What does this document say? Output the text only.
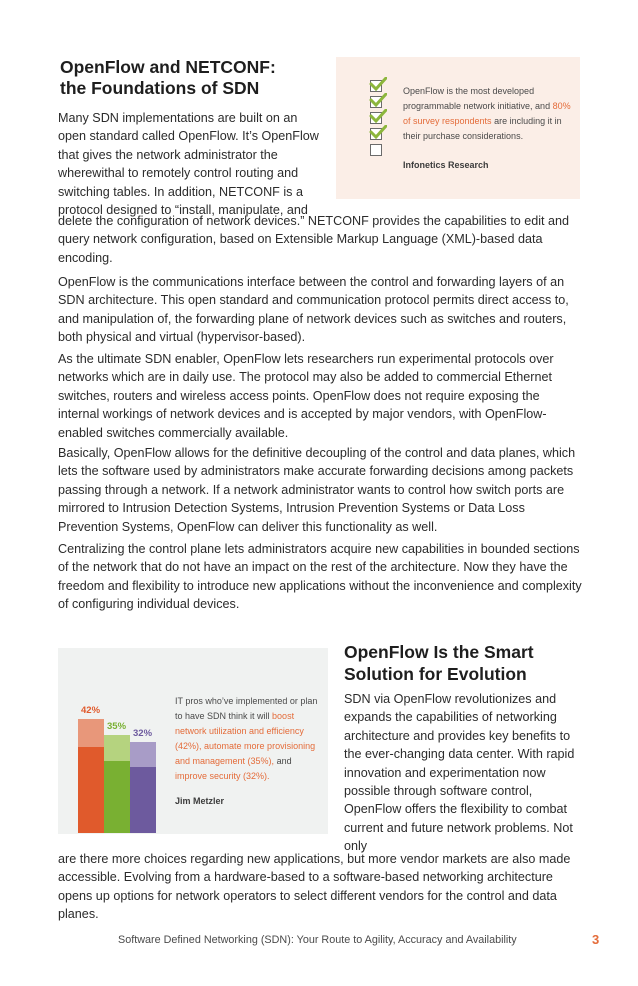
OpenFlow and NETCONF:
the Foundations of SDN	OpenFlow is the most developed programmable network initiative, and 80% of survey respondents are including it in their purchase considerations.

Infonetics Research

Many SDN implementations are built on an open standard called OpenFlow. It’s OpenFlow that gives the network administrator the wherewithal to remotely control routing and switching tables. In addition, NETCONF is a protocol designed to “install, manipulate, and

delete the configuration of network devices.” NETCONF provides the capabilities to edit and query network configuration, based on Extensible Markup Language (XML)-based data encoding.

OpenFlow is the communications interface between the control and forwarding layers of an SDN architecture. This open standard and communication protocol permits direct access to, and manipulation of, the forwarding plane of network devices such as switches and routers, both physical and virtual (hypervisor-based).

As the ultimate SDN enabler, OpenFlow lets researchers run experimental protocols over networks which are in daily use. The protocol may also be added to commercial Ethernet switches, routers and wireless access points. OpenFlow does not require exposing the internal workings of network devices and is accepted by major vendors, with OpenFlow-enabled switches commercially available.

Basically, OpenFlow allows for the definitive decoupling of the control and data planes, which lets the software used by administrators make accurate forwarding decisions among packets passing through a network. If a network administrator wants to control how switch ports are mirrored to Intrusion Detection Systems, Intrusion Prevention Systems or Data Loss Prevention Systems, OpenFlow can deliver this functionality as well.

Centralizing the control plane lets administrators acquire new capabilities in bounded sections of the network that do not have an impact on the rest of the architecture. Now they have the freedom and flexibility to introduce new applications without the inconvenience and complexity of configuring individual devices.

42%
35%
32%

IT pros who’ve implemented or plan to have SDN think it will boost network utilization and efficiency (42%), automate more provisioning and management (35%), and improve security (32%).

Jim Metzler
OpenFlow Is the Smart
Solution for Evolution

SDN via OpenFlow revolutionizes and expands the capabilities of networking architecture and provides key benefits to the ever-changing data center. With rapid innovation and experimentation now possible through software control, OpenFlow offers the flexibility to combat current and future network problems. Not only

are there more choices regarding new applications, but more vendor markets are also made accessible. Evolving from a hardware-based to a software-based networking architecture opens up options for network operators to select different vendors for the control and data planes.

Software Defined Networking (SDN): Your Route to Agility, Accuracy and Availability	3
